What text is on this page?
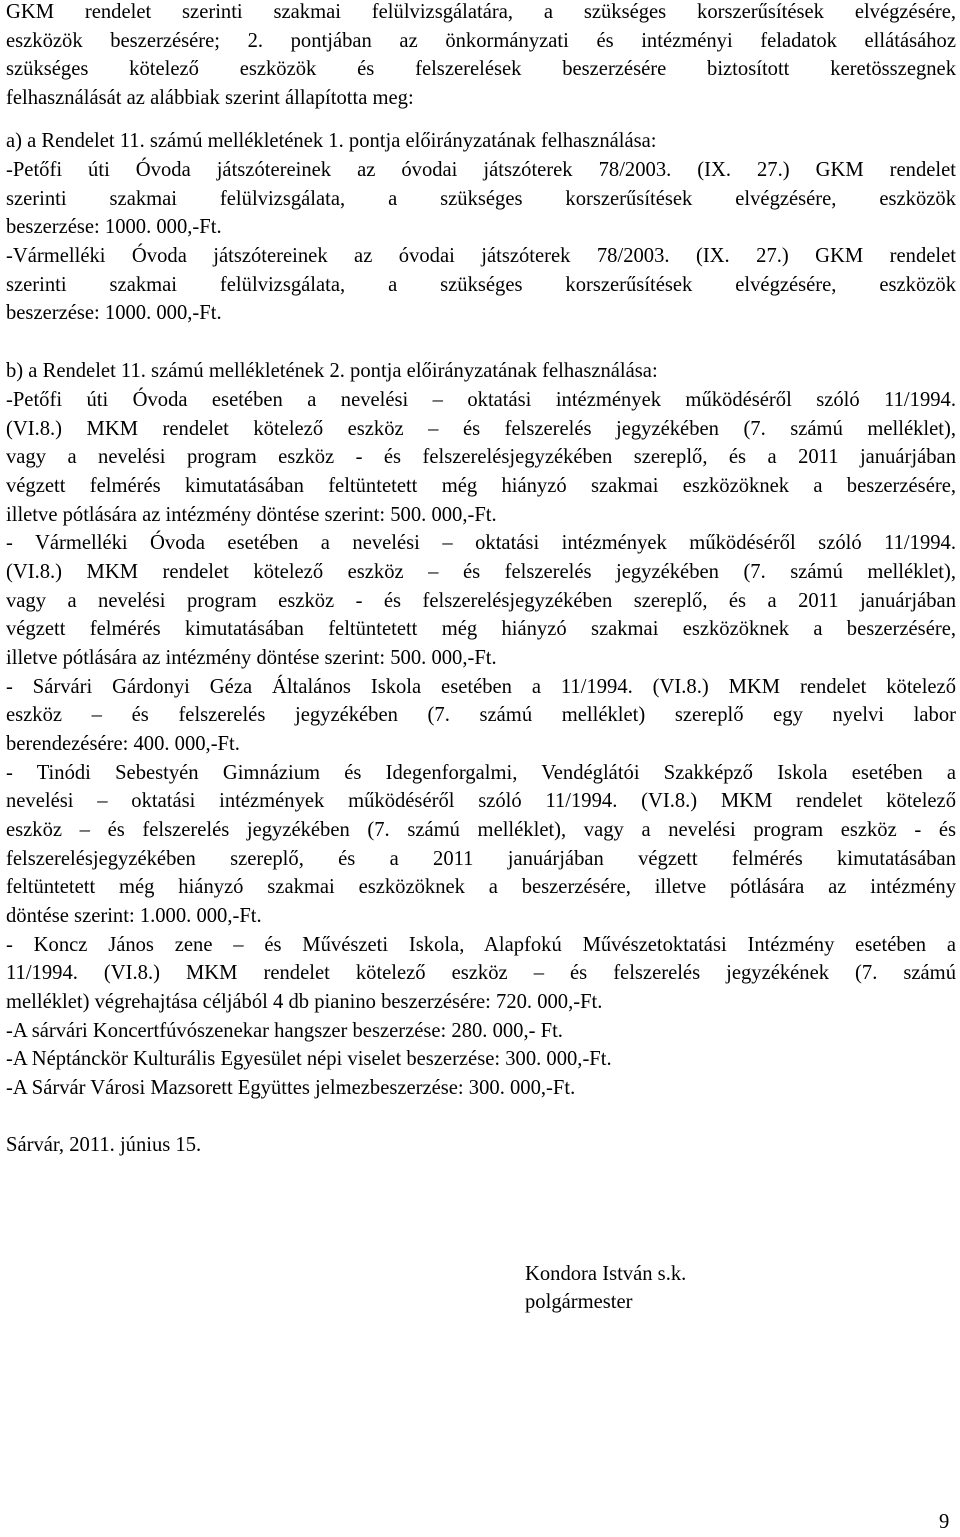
GKM rendelet szerinti szakmai felülvizsgálatára, a szükséges korszerűsítések elvégzésére,
eszközök beszerzésére; 2. pontjában az önkormányzati és intézményi feladatok ellátásához
szükséges kötelező eszközök és felszerelések beszerzésére biztosított keretösszegnek
felhasználását az alábbiak szerint állapította meg:
a) a Rendelet 11. számú mellékletének 1. pontja előirányzatának felhasználása:
-Petőfi úti Óvoda játszótereinek az óvodai játszóterek 78/2003. (IX. 27.) GKM rendelet
szerinti szakmai felülvizsgálata, a szükséges korszerűsítések elvégzésére, eszközök
beszerzése: 1000. 000,-Ft.
-Vármelléki Óvoda játszótereinek az óvodai játszóterek 78/2003. (IX. 27.) GKM rendelet
szerinti szakmai felülvizsgálata, a szükséges korszerűsítések elvégzésére, eszközök
beszerzése: 1000. 000,-Ft.
b) a Rendelet 11. számú mellékletének 2. pontja előirányzatának felhasználása:
-Petőfi úti Óvoda esetében a nevelési – oktatási intézmények működéséről szóló 11/1994.
(VI.8.) MKM rendelet kötelező eszköz – és felszerelés jegyzékében (7. számú melléklet),
vagy a nevelési program eszköz - és felszerelésjegyzékében szereplő, és a 2011 januárjában
végzett felmérés kimutatásában feltüntetett még hiányzó szakmai eszközöknek a beszerzésére,
illetve pótlására az intézmény döntése szerint: 500. 000,-Ft.
- Vármelléki Óvoda esetében a nevelési – oktatási intézmények működéséről szóló 11/1994.
(VI.8.) MKM rendelet kötelező eszköz – és felszerelés jegyzékében (7. számú melléklet),
vagy a nevelési program eszköz - és felszerelésjegyzékében szereplő, és a 2011 januárjában
végzett felmérés kimutatásában feltüntetett még hiányzó szakmai eszközöknek a beszerzésére,
illetve pótlására az intézmény döntése szerint: 500. 000,-Ft.
- Sárvári Gárdonyi Géza Általános Iskola esetében a 11/1994. (VI.8.) MKM rendelet kötelező
eszköz – és felszerelés jegyzékében (7. számú melléklet) szereplő egy nyelvi labor
berendezésére: 400. 000,-Ft.
- Tinódi Sebestyén Gimnázium és Idegenforgalmi, Vendéglátói Szakképző Iskola esetében a
nevelési – oktatási intézmények működéséről szóló 11/1994. (VI.8.) MKM rendelet kötelező
eszköz – és felszerelés jegyzékében (7. számú melléklet), vagy a nevelési program eszköz - és
felszerelésjegyzékében szereplő, és a 2011 januárjában végzett felmérés kimutatásában
feltüntetett még hiányzó szakmai eszközöknek a beszerzésére, illetve pótlására az intézmény
döntése szerint: 1.000. 000,-Ft.
- Koncz János zene – és Művészeti Iskola, Alapfokú Művészetoktatási Intézmény esetében a
11/1994. (VI.8.) MKM rendelet kötelező eszköz – és felszerelés jegyzékének (7. számú
melléklet) végrehajtása céljából 4 db pianino beszerzésére: 720. 000,-Ft.
-A sárvári Koncertfúvószenekar hangszer beszerzése: 280. 000,- Ft.
-A Néptánckör Kulturális Egyesület népi viselet beszerzése: 300. 000,-Ft.
-A Sárvár Városi Mazsorett Együttes jelmezbeszerzése: 300. 000,-Ft.
Sárvár, 2011. június 15.
Kondora István s.k.
polgármester
9
